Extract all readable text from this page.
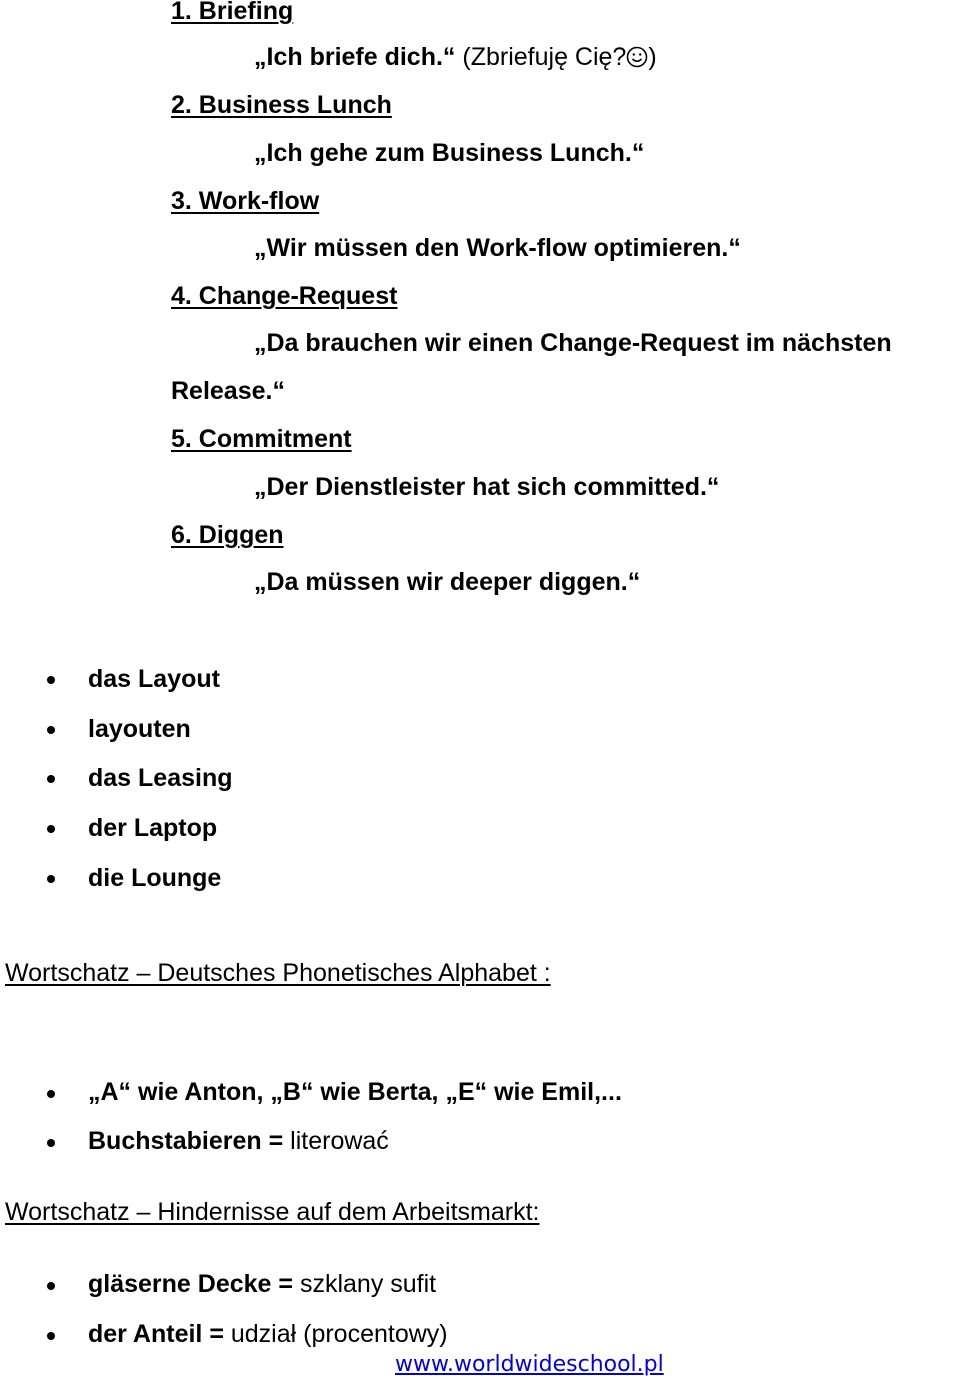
1. Briefing
„Ich briefe dich.“ (Zbriefuję Cię? )
2. Business Lunch
„Ich gehe zum Business Lunch.“
3. Work-flow
„Wir müssen den Work-flow optimieren.“
4. Change-Request
„Da brauchen wir einen Change-Request im nächsten
Release.“
5. Commitment
„Der Dienstleister hat sich committed.“
6. Diggen
„Da müssen wir deeper diggen.“
das Layout
layouten
das Leasing
der Laptop
die Lounge
Wortschatz – Deutsches Phonetisches Alphabet :
„A“ wie Anton, „B“ wie Berta, „E“ wie Emil,...
Buchstabieren = literować
Wortschatz – Hindernisse auf dem Arbeitsmarkt:
gläserne Decke = szklany sufit
der Anteil = udział (procentowy)
www.worldwideschool.pl
